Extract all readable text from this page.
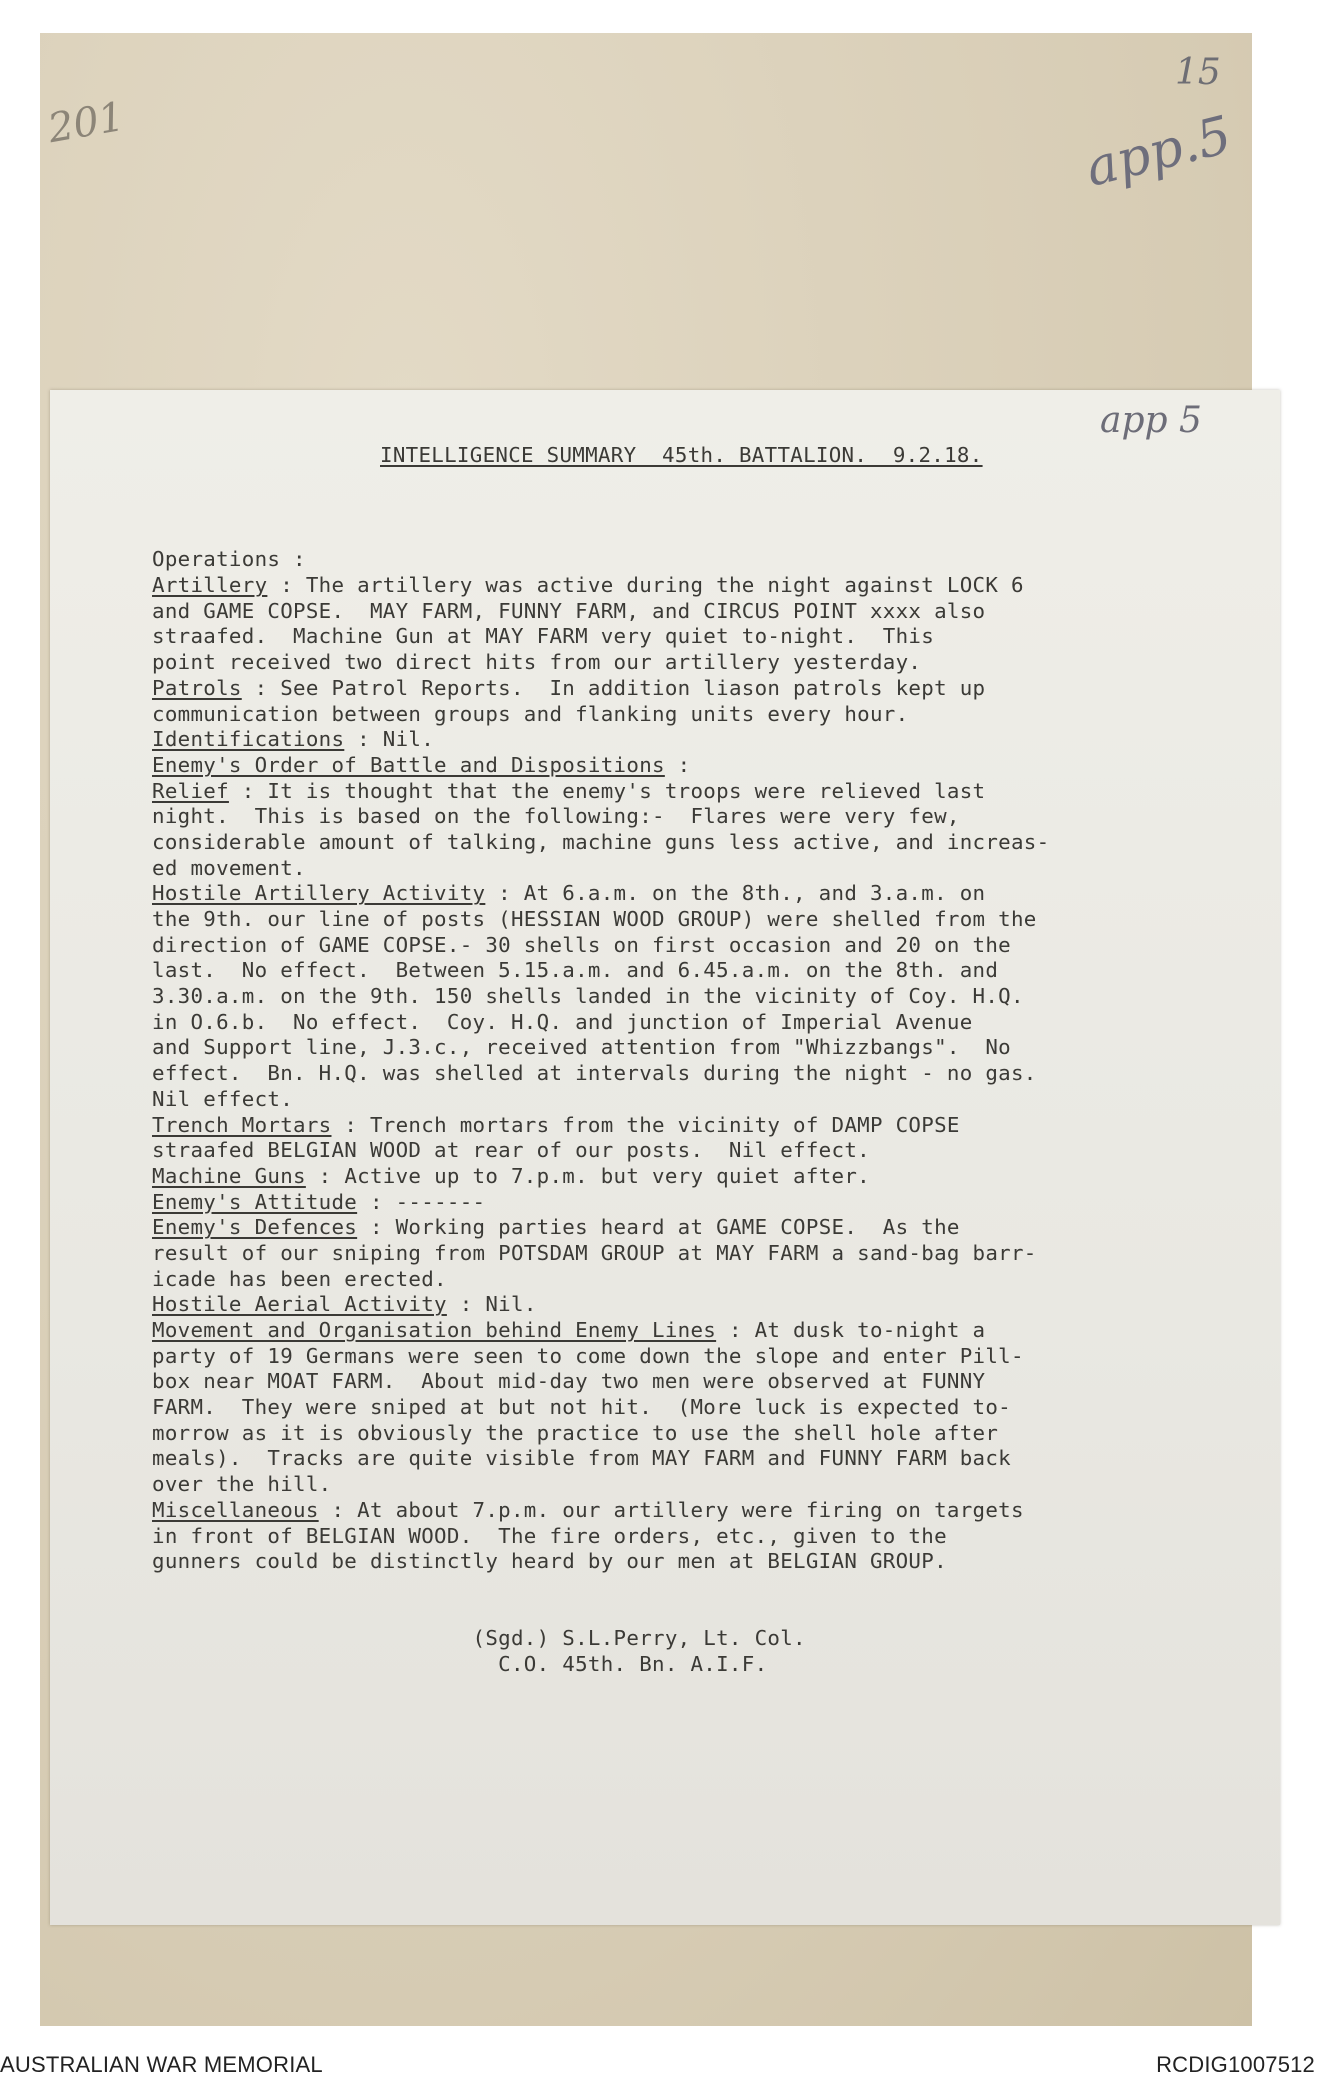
201
15
app.5
app 5
INTELLIGENCE SUMMARY  45th. BATTALION.  9.2.18.

Operations :
Artillery : The artillery was active during the night against LOCK 6
and GAME COPSE.  MAY FARM, FUNNY FARM, and CIRCUS POINT xxxx also
straafed.  Machine Gun at MAY FARM very quiet to-night.  This
point received two direct hits from our artillery yesterday.
Patrols : See Patrol Reports.  In addition liason patrols kept up
communication between groups and flanking units every hour.
Identifications : Nil.
Enemy's Order of Battle and Dispositions :
Relief : It is thought that the enemy's troops were relieved last
night.  This is based on the following:-  Flares were very few,
considerable amount of talking, machine guns less active, and increas-
ed movement.
Hostile Artillery Activity : At 6.a.m. on the 8th., and 3.a.m. on
the 9th. our line of posts (HESSIAN WOOD GROUP) were shelled from the
direction of GAME COPSE.- 30 shells on first occasion and 20 on the
last.  No effect.  Between 5.15.a.m. and 6.45.a.m. on the 8th. and
3.30.a.m. on the 9th. 150 shells landed in the vicinity of Coy. H.Q.
in O.6.b.  No effect.  Coy. H.Q. and junction of Imperial Avenue
and Support line, J.3.c., received attention from "Whizzbangs".  No
effect.  Bn. H.Q. was shelled at intervals during the night - no gas.
Nil effect.
Trench Mortars : Trench mortars from the vicinity of DAMP COPSE
straafed BELGIAN WOOD at rear of our posts.  Nil effect.
Machine Guns : Active up to 7.p.m. but very quiet after.
Enemy's Attitude : -------
Enemy's Defences : Working parties heard at GAME COPSE.  As the
result of our sniping from POTSDAM GROUP at MAY FARM a sand-bag barr-
icade has been erected.
Hostile Aerial Activity : Nil.
Movement and Organisation behind Enemy Lines : At dusk to-night a
party of 19 Germans were seen to come down the slope and enter Pill-
box near MOAT FARM.  About mid-day two men were observed at FUNNY
FARM.  They were sniped at but not hit.  (More luck is expected to-
morrow as it is obviously the practice to use the shell hole after
meals).  Tracks are quite visible from MAY FARM and FUNNY FARM back
over the hill.
Miscellaneous : At about 7.p.m. our artillery were firing on targets
in front of BELGIAN WOOD.  The fire orders, etc., given to the
gunners could be distinctly heard by our men at BELGIAN GROUP.

(Sgd.) S.L.Perry, Lt. Col.
C.O. 45th. Bn. A.I.F.

AUSTRALIAN WAR MEMORIAL	RCDIG1007512
